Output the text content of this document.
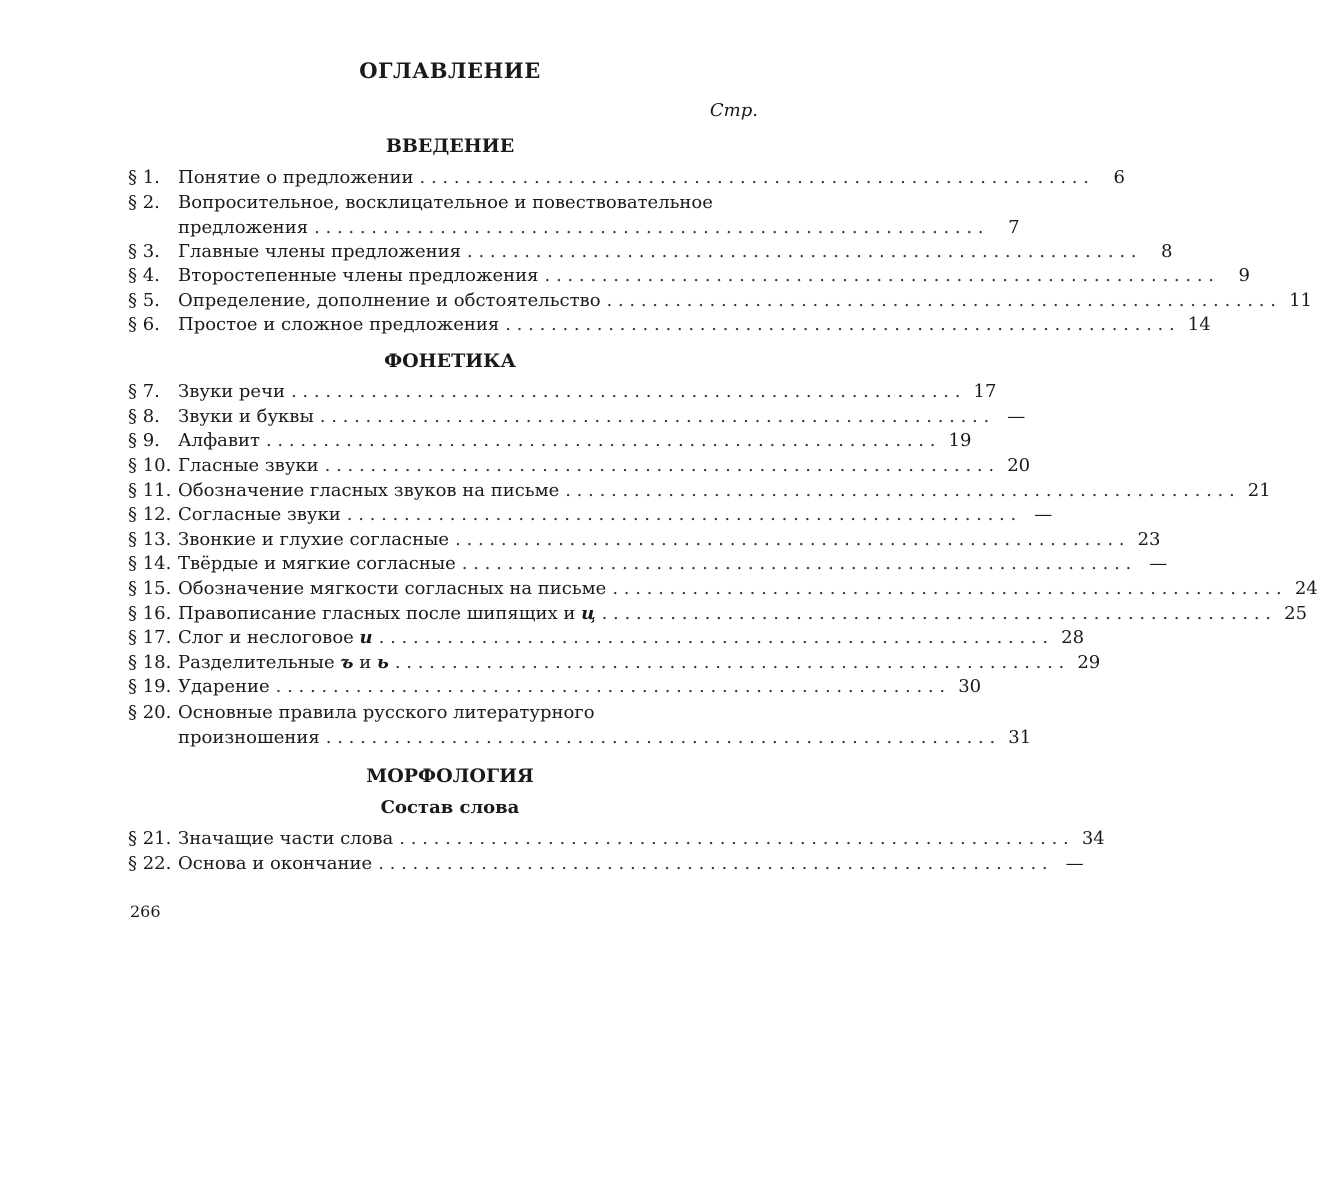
ОГЛАВЛЕНИЕ
Стр.
ВВЕДЕНИЕ
§ 1.	Понятие о предложении . . . . . . . . . . . . . . . . . . . . . . . . . . . . . . . . . . . . . . . . . . . . . . . . . . . . . . . . . . .	6
§ 2.	Вопросительное, восклицательное и повествовательное
предложения . . . . . . . . . . . . . . . . . . . . . . . . . . . . . . . . . . . . . . . . . . . . . . . . . . . . . . . . . . .	7
§ 3.	Главные члены предложения . . . . . . . . . . . . . . . . . . . . . . . . . . . . . . . . . . . . . . . . . . . . . . . . . . . . . . . . . . .	8
§ 4.	Второстепенные члены предложения . . . . . . . . . . . . . . . . . . . . . . . . . . . . . . . . . . . . . . . . . . . . . . . . . . . . . . . . . . .	9
§ 5.	Определение, дополнение и обстоятельство . . . . . . . . . . . . . . . . . . . . . . . . . . . . . . . . . . . . . . . . . . . . . . . . . . . . . . . . . . . 11
§ 6.	Простое и сложное предложения . . . . . . . . . . . . . . . . . . . . . . . . . . . . . . . . . . . . . . . . . . . . . . . . . . . . . . . . . . . 14
ФОНЕТИКА
§ 7.	Звуки речи . . . . . . . . . . . . . . . . . . . . . . . . . . . . . . . . . . . . . . . . . . . . . . . . . . . . . . . . . . . 17
§ 8.	Звуки и буквы . . . . . . . . . . . . . . . . . . . . . . . . . . . . . . . . . . . . . . . . . . . . . . . . . . . . . . . . . . .	—
§ 9.	Алфавит . . . . . . . . . . . . . . . . . . . . . . . . . . . . . . . . . . . . . . . . . . . . . . . . . . . . . . . . . . . 19
§ 10. Гласные звуки . . . . . . . . . . . . . . . . . . . . . . . . . . . . . . . . . . . . . . . . . . . . . . . . . . . . . . . . . . . 20
§ 11. Обозначение гласных звуков на письме . . . . . . . . . . . . . . . . . . . . . . . . . . . . . . . . . . . . . . . . . . . . . . . . . . . . . . . . . . . 21
§ 12. Согласные звуки . . . . . . . . . . . . . . . . . . . . . . . . . . . . . . . . . . . . . . . . . . . . . . . . . . . . . . . . . . .	—
§ 13. Звонкие и глухие согласные . . . . . . . . . . . . . . . . . . . . . . . . . . . . . . . . . . . . . . . . . . . . . . . . . . . . . . . . . . . 23
§ 14. Твёрдые и мягкие согласные . . . . . . . . . . . . . . . . . . . . . . . . . . . . . . . . . . . . . . . . . . . . . . . . . . . . . . . . . . .	—
§ 15. Обозначение мягкости согласных на письме . . . . . . . . . . . . . . . . . . . . . . . . . . . . . . . . . . . . . . . . . . . . . . . . . . . . . . . . . . . 24
§ 16. Правописание гласных после шипящих и ц . . . . . . . . . . . . . . . . . . . . . . . . . . . . . . . . . . . . . . . . . . . . . . . . . . . . . . . . . . . 25
§ 17. Слог и неслоговое и . . . . . . . . . . . . . . . . . . . . . . . . . . . . . . . . . . . . . . . . . . . . . . . . . . . . . . . . . . . 28
§ 18. Разделительные ъ и ь . . . . . . . . . . . . . . . . . . . . . . . . . . . . . . . . . . . . . . . . . . . . . . . . . . . . . . . . . . . 29
§ 19. Ударение . . . . . . . . . . . . . . . . . . . . . . . . . . . . . . . . . . . . . . . . . . . . . . . . . . . . . . . . . . . 30
§ 20. Основные правила русского литературного
произношения . . . . . . . . . . . . . . . . . . . . . . . . . . . . . . . . . . . . . . . . . . . . . . . . . . . . . . . . . . . 31
МОРФОЛОГИЯ
Состав слова
§ 21. Значащие части слова . . . . . . . . . . . . . . . . . . . . . . . . . . . . . . . . . . . . . . . . . . . . . . . . . . . . . . . . . . . 34
§ 22. Основа и окончание . . . . . . . . . . . . . . . . . . . . . . . . . . . . . . . . . . . . . . . . . . . . . . . . . . . . . . . . . . .	—
266
